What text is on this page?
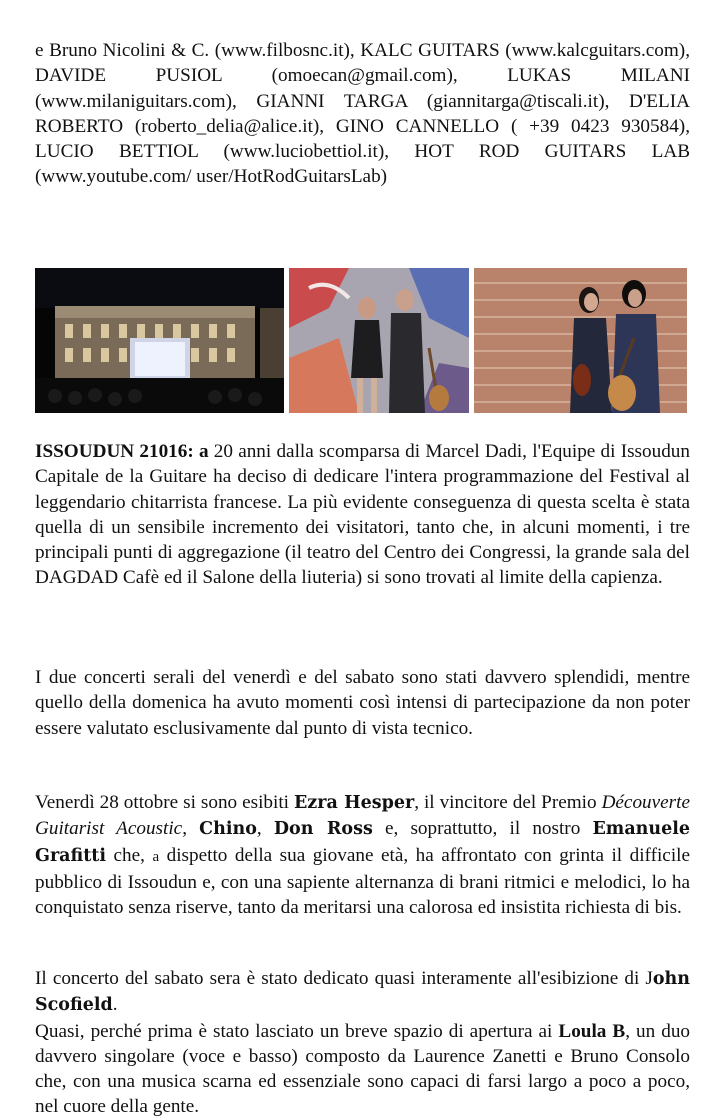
e Bruno Nicolini & C. (www.filbosnc.it), KALC GUITARS (www.kalcguitars.com), DAVIDE PUSIOL (omoecan@gmail.com), LUKAS MILANI (www.milaniguitars.com), GIANNI TARGA (giannitarga@tiscali.it), D'ELIA ROBERTO (roberto_delia@alice.it), GINO CANNELLO ( +39 0423 930584), LUCIO BETTIOL (www.luciobettiol.it), HOT ROD GUITARS LAB (www.youtube.com/ user/HotRodGuitarsLab)

ISSOUDUN 21016: a 20 anni dalla scomparsa di Marcel Dadi, l'Equipe di Issoudun Capitale de la Guitare ha deciso di dedicare l'intera programmazione del Festival al leggendario chitarrista francese. La più evidente conseguenza di questa scelta è stata quella di un sensibile incremento dei visitatori, tanto che, in alcuni momenti, i tre principali punti di aggregazione (il teatro del Centro dei Congressi, la grande sala del DAGDAD Cafè ed il Salone della liuteria) si sono trovati al limite della capienza.

I due concerti serali del venerdì e del sabato sono stati davvero splendidi, mentre quello della domenica ha avuto momenti così intensi di partecipazione da non poter essere valutato esclusivamente dal punto di vista tecnico.

Venerdì 28 ottobre si sono esibiti Ezra Hesper, il vincitore del Premio Découverte Guitarist Acoustic, Chino, Don Ross e, soprattutto, il nostro Emanuele Grafitti che, a dispetto della sua giovane età, ha affrontato con grinta il difficile pubblico di Issoudun e, con una sapiente alternanza di brani ritmici e melodici, lo ha conquistato senza riserve, tanto da meritarsi una calorosa ed insistita richiesta di bis.

Il concerto del sabato sera è stato dedicato quasi interamente all'esibizione di John Scofield.
Quasi, perché prima è stato lasciato un breve spazio di apertura ai Loula B, un duo davvero singolare (voce e basso) composto da Laurence Zanetti e Bruno Consolo che, con una musica scarna ed essenziale sono capaci di farsi largo a poco a poco, nel cuore della gente.
